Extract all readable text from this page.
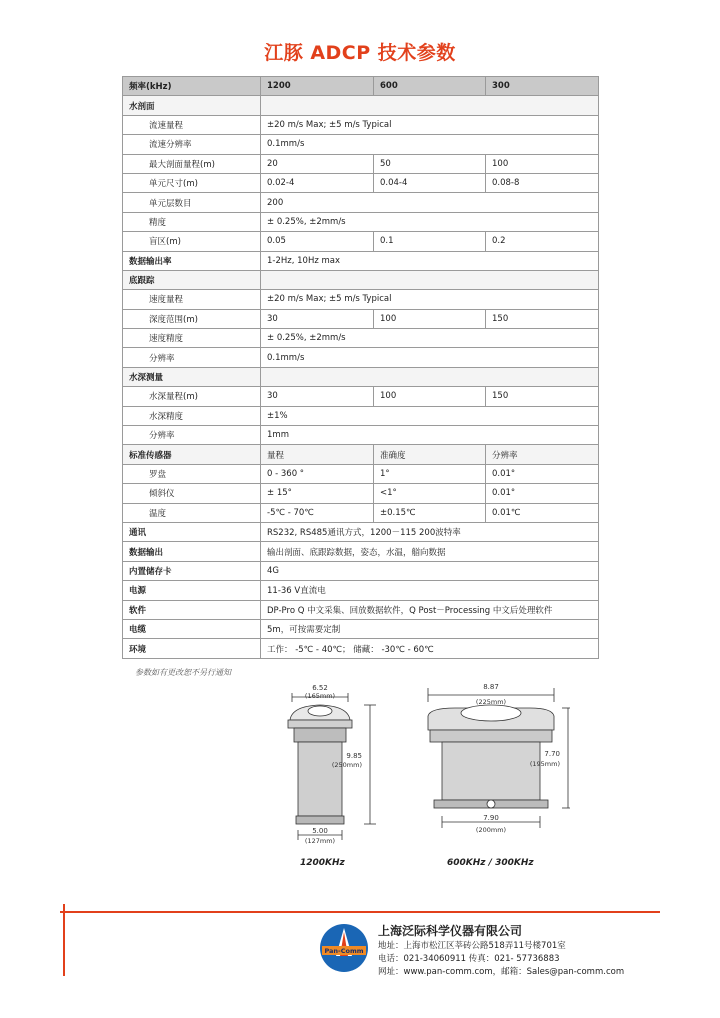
江豚 ADCP 技术参数
频率(kHz)	1200	600	300
水剖面			
流速量程	±20 m/s Max; ±5 m/s Typical		
流速分辨率	0.1mm/s		
最大剖面量程(m)	20	50	100
单元尺寸(m)	0.02-4	0.04-4	0.08-8
单元层数目	200		
精度	± 0.25%, ±2mm/s		
盲区(m)	0.05	0.1	0.2
数据输出率	1-2Hz, 10Hz max		
底跟踪			
速度量程	±20 m/s Max; ±5 m/s Typical		
深度范围(m)	30	100	150
速度精度	± 0.25%, ±2mm/s		
分辨率	0.1mm/s		
水深测量			
水深量程(m)	30	100	150
水深精度	±1%		
分辨率	1mm		
标准传感器	量程	准确度	分辨率
罗盘	0 - 360 °	1°	0.01°
倾斜仪	± 15°	<1°	0.01°
温度	-5℃ - 70℃	±0.15℃	0.01℃
通讯	RS232, RS485通讯方式，1200－115 200波特率		
数据输出	输出剖面、底跟踪数据，姿态，水温，艏向数据		
内置储存卡	4G		
电源	11-36 V直流电		
软件	DP-Pro Q 中文采集、回放数据软件，Q Post－Processing 中文后处理软件		
电缆	5m，可按需要定制		
环境	工作： -5℃ - 40℃； 储藏： -30℃ - 60℃		
参数如有更改恕不另行通知
6.52
(165mm)
9.85
(250mm)
5.00
(127mm)
8.87
(225mm)
7.70
(195mm)
7.90
(200mm)
1200KHz	600KHz / 300KHz
Pan-Comm
上海泛际科学仪器有限公司
地址：上海市松江区莘砖公路518弄11号楼701室
电话：021-34060911 传真：021- 57736883
网址：www.pan-comm.com，邮箱：Sales@pan-comm.com
